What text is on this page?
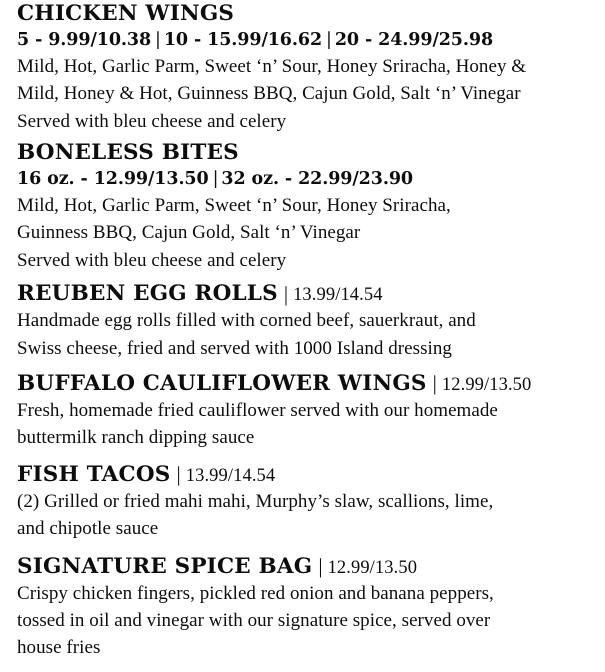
CHICKEN WINGS
5 - 9.99/10.38 | 10 - 15.99/16.62 | 20 - 24.99/25.98
Mild, Hot, Garlic Parm, Sweet ‘n’ Sour, Honey Sriracha, Honey &
Mild, Honey & Hot, Guinness BBQ, Cajun Gold, Salt ‘n’ Vinegar
Served with bleu cheese and celery
BONELESS BITES
16 oz. - 12.99/13.50 | 32 oz. - 22.99/23.90
Mild, Hot, Garlic Parm, Sweet ‘n’ Sour, Honey Sriracha,
Guinness BBQ, Cajun Gold, Salt ‘n’ Vinegar
Served with bleu cheese and celery
REUBEN EGG ROLLS | 13.99/14.54
Handmade egg rolls filled with corned beef, sauerkraut, and
Swiss cheese, fried and served with 1000 Island dressing
BUFFALO CAULIFLOWER WINGS | 12.99/13.50
Fresh, homemade fried cauliflower served with our homemade
buttermilk ranch dipping sauce
FISH TACOS | 13.99/14.54
(2) Grilled or fried mahi mahi, Murphy’s slaw, scallions, lime,
and chipotle sauce
SIGNATURE SPICE BAG | 12.99/13.50
Crispy chicken fingers, pickled red onion and banana peppers,
tossed in oil and vinegar with our signature spice, served over
house fries
